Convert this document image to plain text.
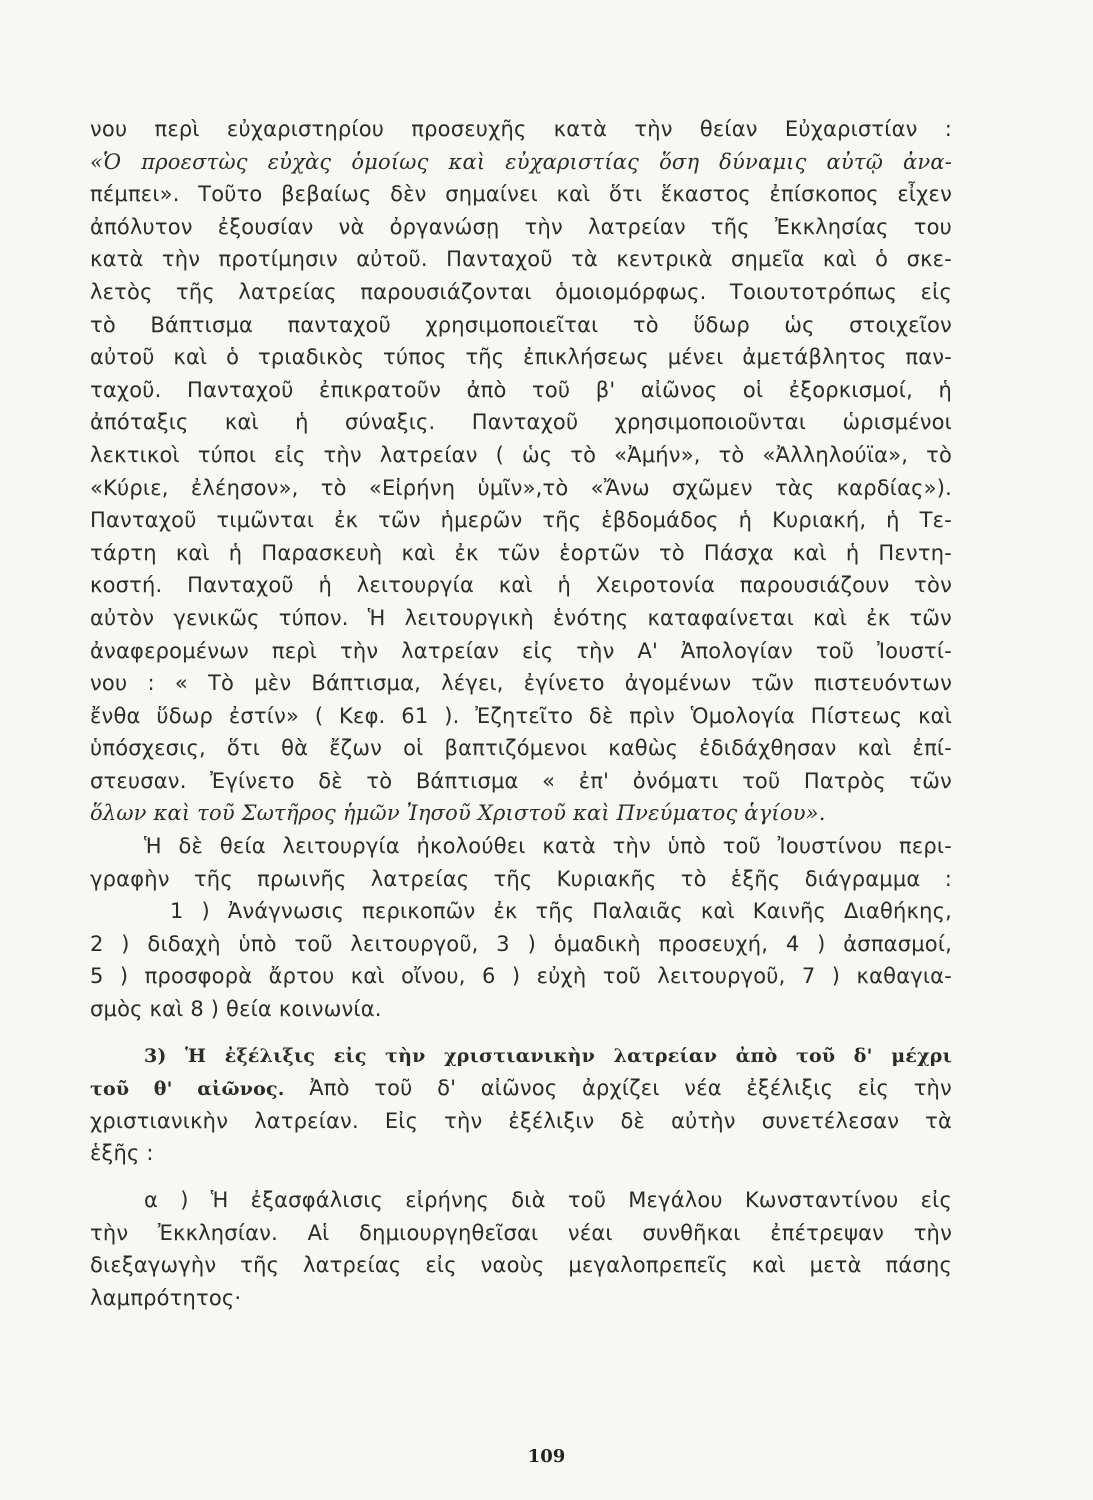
νου περὶ εὐχαριστηρίου προσευχῆς κατὰ τὴν θείαν Εὐχαριστίαν :
«Ὁ προεστὼς εὐχὰς ὁμοίως καὶ εὐχαριστίας ὅση δύναμις αὐτῷ ἀνα-
πέμπει». Τοῦτο βεβαίως δὲν σημαίνει καὶ ὅτι ἕκαστος ἐπίσκοπος εἶχεν
ἀπόλυτον ἐξουσίαν νὰ ὀργανώσῃ τὴν λατρείαν τῆς Ἐκκλησίας του
κατὰ τὴν προτίμησιν αὐτοῦ. Πανταχοῦ τὰ κεντρικὰ σημεῖα καὶ ὁ σκε-
λετὸς τῆς λατρείας παρουσιάζονται ὁμοιομόρφως. Τοιουτοτρόπως εἰς
τὸ Βάπτισμα πανταχοῦ χρησιμοποιεῖται τὸ ὕδωρ ὡς στοιχεῖον
αὐτοῦ καὶ ὁ τριαδικὸς τύπος τῆς ἐπικλήσεως μένει ἀμετάβλητος παν-
ταχοῦ. Πανταχοῦ ἐπικρατοῦν ἀπὸ τοῦ β' αἰῶνος οἱ ἐξορκισμοί, ἡ
ἀπόταξις καὶ ἡ σύναξις. Πανταχοῦ χρησιμοποιοῦνται ὡρισμένοι
λεκτικοὶ τύποι εἰς τὴν λατρείαν ( ὡς τὸ «Ἀμήν», τὸ «Ἀλληλούϊα», τὸ
«Κύριε, ἐλέησον», τὸ «Εἰρήνη ὑμῖν»,τὸ «Ἄνω σχῶμεν τὰς καρδίας»).
Πανταχοῦ τιμῶνται ἐκ τῶν ἡμερῶν τῆς ἑβδομάδος ἡ Κυριακή, ἡ Τε-
τάρτη καὶ ἡ Παρασκευὴ καὶ ἐκ τῶν ἑορτῶν τὸ Πάσχα καὶ ἡ Πεντη-
κοστή. Πανταχοῦ ἡ λειτουργία καὶ ἡ Χειροτονία παρουσιάζουν τὸν
αὐτὸν γενικῶς τύπον. Ἡ λειτουργικὴ ἑνότης καταφαίνεται καὶ ἐκ τῶν
ἀναφερομένων περὶ τὴν λατρείαν εἰς τὴν Α' Ἀπολογίαν τοῦ Ἰουστί-
νου : « Τὸ μὲν Βάπτισμα, λέγει, ἐγίνετο ἀγομένων τῶν πιστευόντων
ἔνθα ὕδωρ ἐστίν» ( Κεφ. 61 ). Ἐζητεῖτο δὲ πρὶν Ὁμολογία Πίστεως καὶ
ὑπόσχεσις, ὅτι θὰ ἔζων οἱ βαπτιζόμενοι καθὼς ἐδιδάχθησαν καὶ ἐπί-
στευσαν. Ἐγίνετο δὲ τὸ Βάπτισμα « ἐπ' ὀνόματι τοῦ Πατρὸς τῶν
ὅλων καὶ τοῦ Σωτῆρος ἡμῶν Ἰησοῦ Χριστοῦ καὶ Πνεύματος ἁγίου».
Ἡ δὲ θεία λειτουργία ἠκολούθει κατὰ τὴν ὑπὸ τοῦ Ἰουστίνου περι-
γραφὴν τῆς πρωινῆς λατρείας τῆς Κυριακῆς τὸ ἑξῆς διάγραμμα :
1 ) Ἀνάγνωσις περικοπῶν ἐκ τῆς Παλαιᾶς καὶ Καινῆς Διαθήκης,
2 ) διδαχὴ ὑπὸ τοῦ λειτουργοῦ, 3 ) ὁμαδικὴ προσευχή, 4 ) ἀσπασμοί,
5 ) προσφορὰ ἄρτου καὶ οἴνου, 6 ) εὐχὴ τοῦ λειτουργοῦ, 7 ) καθαγια-
σμὸς καὶ 8 ) θεία κοινωνία.
3) Ἡ ἐξέλιξις εἰς τὴν χριστιανικὴν λατρείαν ἀπὸ τοῦ δ' μέχρι
τοῦ θ' αἰῶνος. Ἀπὸ τοῦ δ' αἰῶνος ἀρχίζει νέα ἐξέλιξις εἰς τὴν
χριστιανικὴν λατρείαν. Εἰς τὴν ἐξέλιξιν δὲ αὐτὴν συνετέλεσαν τὰ
ἑξῆς :
α ) Ἡ ἐξασφάλισις εἰρήνης διὰ τοῦ Μεγάλου Κωνσταντίνου εἰς
τὴν Ἐκκλησίαν. Αἱ δημιουργηθεῖσαι νέαι συνθῆκαι ἐπέτρεψαν τὴν
διεξαγωγὴν τῆς λατρείας εἰς ναοὺς μεγαλοπρεπεῖς καὶ μετὰ πάσης
λαμπρότητος·
109
